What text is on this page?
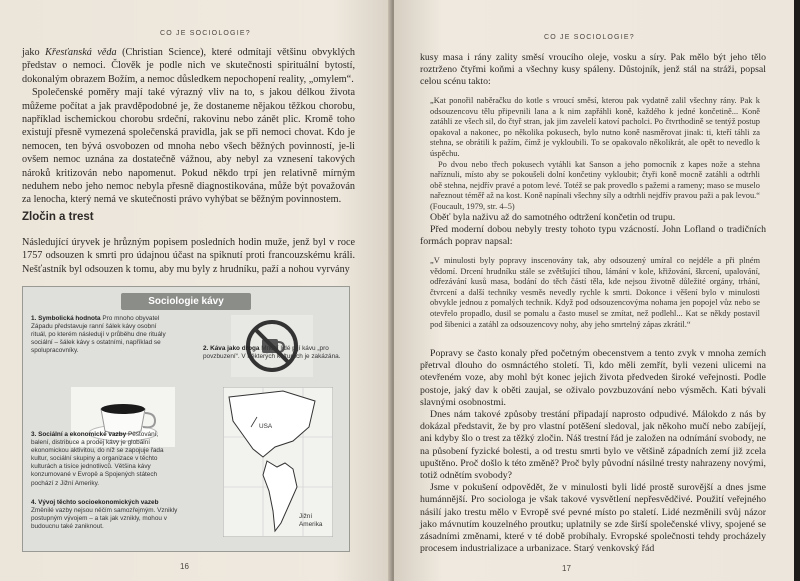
CO JE SOCIOLOGIE?

jako Křesťanská věda (Christian Science), které odmítají většinu obvyklých představ o nemoci. Člověk je podle nich ve skutečnosti spirituální bytostí, dokonalým obrazem Božím, a nemoc důsledkem nepochopení reality, „omylem“.

Společenské poměry mají také výrazný vliv na to, s jakou délkou života můžeme počítat a jak pravděpodobné je, že dostaneme nějakou těžkou chorobu, například ischemickou chorobu srdeční, rakovinu nebo zánět plic. Kromě toho existují přesně vymezená společenská pravidla, jak se při nemoci chovat. Kdo je nemocen, ten bývá osvobozen od mnoha nebo všech běžných povinností, je-li ovšem nemoc uznána za dostatečně vážnou, aby nebyl za vznesení takových nároků kritizován nebo napomenut. Pokud někdo trpí jen relativně mírným neduhem nebo jeho nemoc nebyla přesně diagnostikována, může být považován za lenocha, který nemá ve skutečnosti právo vyhýbat se běžným povinnostem.

Zločin a trest

Následující úryvek je hrůzným popisem posledních hodin muže, jenž byl v roce 1757 odsouzen k smrti pro údajnou účast na spiknutí proti francouzskému králi. Nešťastník byl odsouzen k tomu, aby mu byly z hrudníku, paží a nohou vyrvány

Sociologie kávy
1. Symbolická hodnota Pro mnoho obyvatel Západu představuje ranní šálek kávy osobní rituál, po kterém následují v průběhu dne rituály sociální – šálek kávy s ostatními, například se spolupracovníky.	2. Káva jako droga Mnozí lidé pijí kávu „pro povzbuzení“. V některých kulturách je zakázána.
USA
Jižní
Amerika
3. Sociální a ekonomické vazby Pěstování, balení, distribuce a prodej kávy je globální ekonomickou aktivitou, do níž se zapojuje řada kultur, sociální skupiny a organizace v těchto kulturách a tisíce jednotlivců. Většina kávy konzumované v Evropě a Spojených státech pochází z Jižní Ameriky.
4. Vývoj těchto socioekonomických vazeb Změnilé vazby nejsou něčím samozřejmým. Vznikly postupným vývojem – a tak jak vznikly, mohou v budoucnu také zaniknout.
16
CO JE SOCIOLOGIE?

kusy masa i rány zality směsí vroucího oleje, vosku a síry. Pak mělo být jeho tělo roztrženo čtyřmi koňmi a všechny kusy spáleny. Důstojník, jenž stál na stráži, popsal celou scénu takto:

„Kat ponořil naběračku do kotle s vroucí směsí, kterou pak vydatně zalil všechny rány. Pak k odsouzencovu tělu připevnili lana a k nim zapřáhli koně, každého k jedné končetině... Koně zatáhli ze všech sil, do čtyř stran, jak jim zavelelí katoví pacholci. Po čtvrthodině se tentýž postup opakoval a nakonec, po několika pokusech, bylo nutno koně nasměrovat jinak: ti, kteří táhli za stehna, se obrátili k pažím, čímž je vykloubili. To se opakovalo několikrát, ale opět to nevedlo k úspěchu.

Po dvou nebo třech pokusech vytáhli kat Sanson a jeho pomocník z kapes nože a stehna naříznuli, místo aby se pokoušeli dolní končetiny vykloubit; čtyři koně mocně zatáhli a odtrhli obě stehna, nejdřív pravé a potom levé. Totéž se pak provedlo s pažemi a rameny; maso se muselo nařeznout téměř až na kost. Koně napínali všechny síly a odtrhli nejdřív pravou paži a pak levou.“ (Foucault, 1979, str. 4–5)

Oběť byla naživu až do samotného odtržení končetin od trupu.

Před moderní dobou nebyly tresty tohoto typu vzácností. John Lofland o tradičních formách poprav napsal:

„V minulosti byly popravy inscenovány tak, aby odsouzený umíral co nejdéle a při plném vědomí. Drcení hrudníku stále se zvětšující tíhou, lámání v kole, křižování, škrcení, upalování, odřezávání kusů masa, bodání do těch částí těla, kde nejsou životně důležité orgány, trhání, čtvrcení a další techniky vesměs nevedly rychle k smrti. Dokonce i věšení bylo v minulosti obvykle jednou z pomalých technik. Když pod odsouzencovýma nohama jen popojel vůz nebo se otevřelo propadlo, dusil se pomalu a často musel se zmítat, než podlehl... Kat se někdy postavil pod šibenici a zatáhl za odsouzencovy nohy, aby jeho smrtelný zápas zkrátil.“

Popravy se často konaly před početným obecenstvem a tento zvyk v mnoha zemích přetrval dlouho do osmnáctého století. Ti, kdo měli zemřít, byli vezeni ulicemi na otevřeném voze, aby mohl být konec jejich života předveden široké veřejnosti. Podle postoje, jaký dav k oběti zaujal, se oživalo povzbuzování nebo výsměch. Kati bývali slavnými osobnostmi.

Dnes nám takové způsoby trestání připadají naprosto odpudivé. Málokdo z nás by dokázal představit, že by pro vlastní potěšení sledoval, jak někoho mučí nebo zabíjejí, ani kdyby šlo o trest za těžký zločin. Náš trestní řád je založen na odnímání svobody, ne na působení fyzické bolesti, a od trestu smrti bylo ve většině západních zemí již zcela upuštěno. Proč došlo k této změně? Proč byly původní násilné tresty nahrazeny novými, totiž odnětím svobody?

Jsme v pokušení odpovědět, že v minulosti byli lidé prostě surovější a dnes jsme humánnější. Pro sociologa je však takové vysvětlení nepřesvědčivé. Použití veřejného násilí jako trestu mělo v Evropě své pevné místo po staletí. Lidé nezměnili svůj názor jako mávnutím kouzelného proutku; uplatnily se zde širší společenské vlivy, spojené se zásadními změnami, které v té době probíhaly. Evropské společnosti tehdy procházely procesem industrializace a urbanizace. Starý venkovský řád

17
